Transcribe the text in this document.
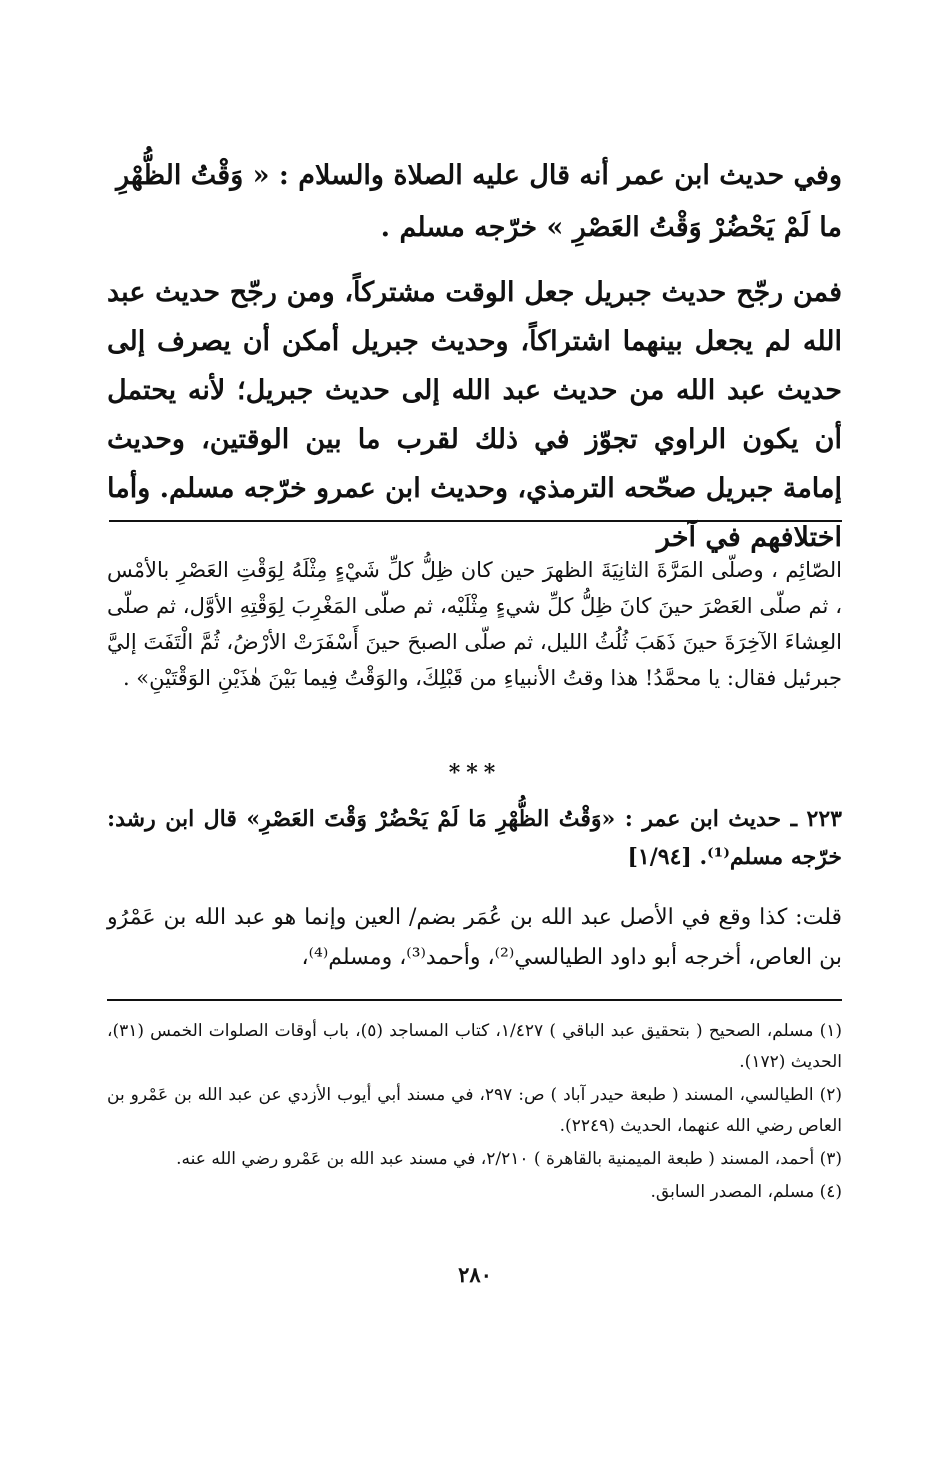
وفي حديث ابن عمر أنه قال عليه الصلاة والسلام : « وَقْتُ الظُّهْرِ

ما لَمْ يَحْضُرْ وَقْتُ العَصْرِ » خرّجه مسلم .

فمن رجّح حديث جبريل جعل الوقت مشتركاً، ومن رجّح حديث عبد الله لم يجعل بينهما اشتراكاً، وحديث جبريل أمكن أن يصرف إلى حديث عبد الله من حديث عبد الله إلى حديث جبريل؛ لأنه يحتمل أن يكون الراوي تجوّز في ذلك لقرب ما بين الوقتين، وحديث إمامة جبريل صحّحه الترمذي، وحديث ابن عمرو خرّجه مسلم. وأما اختلافهم في آخر

الصّائِم ، وصلّى المَرَّةَ الثانِيَةَ الظهرَ حين كان ظِلُّ كلِّ شَيْءٍ مِثْلَهُ لِوَقْتِ العَصْرِ بالأمْس ، ثم صلّى العَصْرَ حينَ كانَ ظِلُّ كلِّ شيءٍ مِثْلَيْه، ثم صلّى المَغْرِبَ لِوَقْتِهِ الأوَّل، ثم صلّى العِشاءَ الآخِرَةَ حينَ ذَهَبَ ثُلُثُ الليل، ثم صلّى الصبحَ حينَ أَسْفَرَتْ الأرْضُ، ثُمَّ الْتَفَتَ إليَّ جبرئيل فقال: يا محمَّدُ! هذا وقتُ الأنبياءِ من قَبْلِكَ، والوَقْتُ فِيما بَيْنَ هٰذَيْنِ الوَقْتَيْنِ» .

***

٢٢٣ ـ حديث ابن عمر : «وَقْتُ الظُّهْرِ مَا لَمْ يَحْضُرْ وَقْتَ العَصْرِ» قال ابن رشد: خرّجه مسلم⁽¹⁾. [١/٩٤]

قلت: كذا وقع في الأصل عبد الله بن عُمَر بضم/ العين وإنما هو عبد الله بن عَمْرُو بن العاص، أخرجه أبو داود الطيالسي⁽²⁾، وأحمد⁽³⁾، ومسلم⁽⁴⁾،

(١) مسلم، الصحيح ( بتحقيق عبد الباقي ) ١/٤٢٧، كتاب المساجد (٥)، باب أوقات الصلوات الخمس (٣١)، الحديث (١٧٢).

(٢) الطيالسي، المسند ( طبعة حيدر آباد ) ص: ٢٩٧، في مسند أبي أيوب الأزدي عن عبد الله بن عَمْرو بن العاص رضي الله عنهما، الحديث (٢٢٤٩).

(٣) أحمد، المسند ( طبعة الميمنية بالقاهرة ) ٢/٢١٠، في مسند عبد الله بن عَمْرو رضي الله عنه.

(٤) مسلم، المصدر السابق.

٢٨٠
